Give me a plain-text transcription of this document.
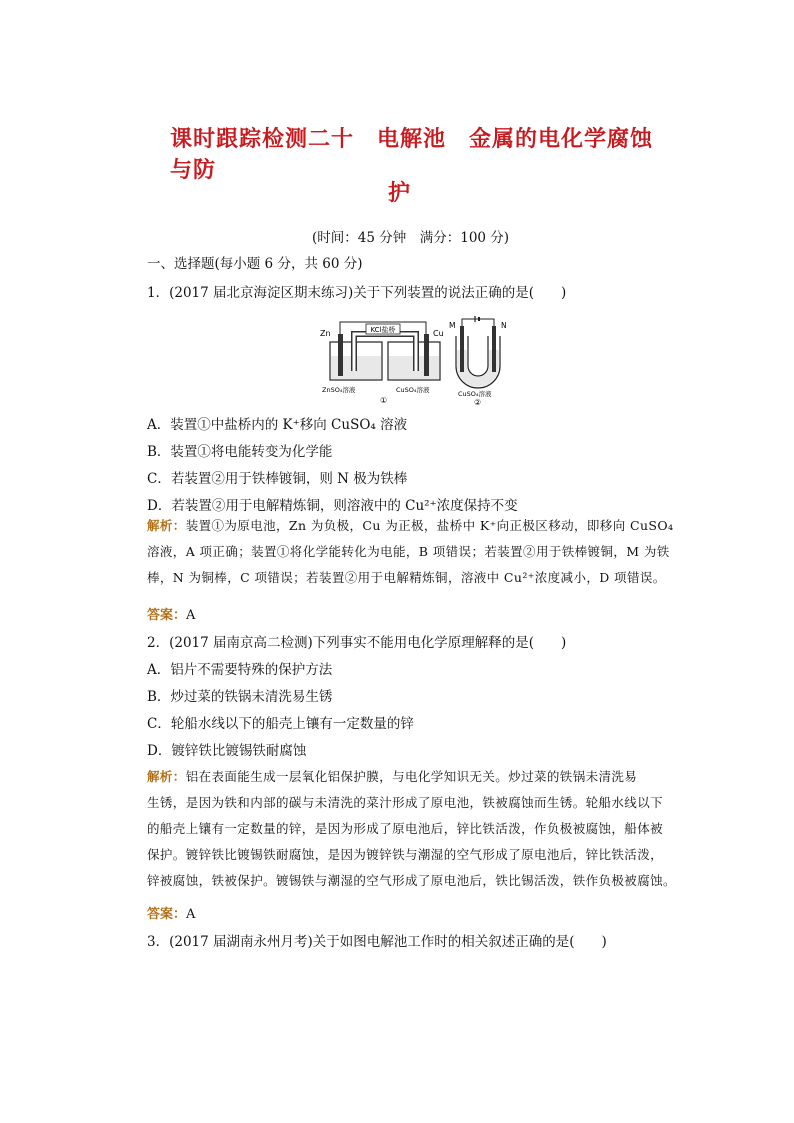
课时跟踪检测二十　电解池　金属的电化学腐蚀与防
护
(时间：45 分钟　满分：100 分)
一、选择题(每小题 6 分，共 60 分)
1．(2017 届北京海淀区期末练习)关于下列装置的说法正确的是(　　)
KCl盐桥
Zn	Cu
ZnSO₄溶液	CuSO₄溶液
①
M	N
CuSO₄溶液
②
A．装置①中盐桥内的 K⁺移向 CuSO₄ 溶液
B．装置①将电能转变为化学能
C．若装置②用于铁棒镀铜，则 N 极为铁棒
D．若装置②用于电解精炼铜，则溶液中的 Cu²⁺浓度保持不变
解析：装置①为原电池，Zn 为负极，Cu 为正极，盐桥中 K⁺向正极区移动，即移向 CuSO₄
溶液，A 项正确；装置①将化学能转化为电能，B 项错误；若装置②用于铁棒镀铜，M 为铁
棒，N 为铜棒，C 项错误；若装置②用于电解精炼铜，溶液中 Cu²⁺浓度减小，D 项错误。
答案：A
2．(2017 届南京高二检测)下列事实不能用电化学原理解释的是(　　)
A．铝片不需要特殊的保护方法
B．炒过菜的铁锅未清洗易生锈
C．轮船水线以下的船壳上镶有一定数量的锌
D．镀锌铁比镀锡铁耐腐蚀
解析：铝在表面能生成一层氧化铝保护膜，与电化学知识无关。炒过菜的铁锅未清洗易
生锈，是因为铁和内部的碳与未清洗的菜汁形成了原电池，铁被腐蚀而生锈。轮船水线以下
的船壳上镶有一定数量的锌，是因为形成了原电池后，锌比铁活泼，作负极被腐蚀，船体被
保护。镀锌铁比镀锡铁耐腐蚀，是因为镀锌铁与潮湿的空气形成了原电池后，锌比铁活泼，
锌被腐蚀，铁被保护。镀锡铁与潮湿的空气形成了原电池后，铁比锡活泼，铁作负极被腐蚀。
答案：A
3．(2017 届湖南永州月考)关于如图电解池工作时的相关叙述正确的是(　　)
